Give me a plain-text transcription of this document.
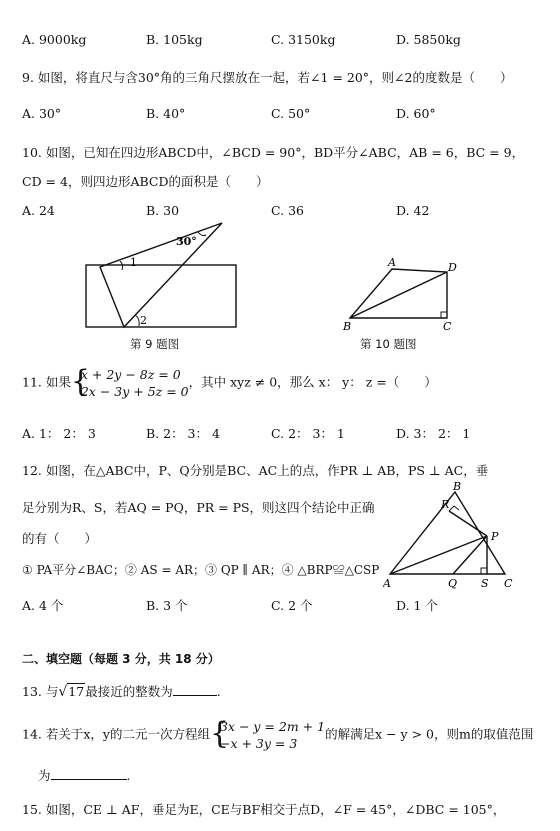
A. 9000kg	B. 105kg	C. 3150kg	D. 5850kg
9. 如图，将直尺与含30°角的三角尺摆放在一起，若∠1 = 20°，则∠2的度数是（　　）
A. 30°	B. 40°	C. 50°	D. 60°
10. 如图，已知在四边形ABCD中，∠BCD = 90°，BD平分∠ABC，AB = 6，BC = 9，
CD = 4，则四边形ABCD的面积是（　　）
A. 24	B. 30	C. 36	D. 42
30°
1
2
第 9 题图
A
B	C
D
第 10 题图
11. 如果 {
x + 2y − 8z = 0
2x − 3y + 5z = 0
，其中 xyz ≠ 0，那么 x： y： z =（　　）
A. 1： 2： 3	B. 2： 3： 4	C. 2： 3： 1	D. 3： 2： 1
12. 如图，在△ABC中，P、Q分别是BC、AC上的点，作PR ⊥ AB，PS ⊥ AC，垂
足分别为R、S，若AQ = PQ，PR = PS，则这四个结论中正确
的有（　　）
① PA平分∠BAC；② AS = AR；③ QP ∥ AR；④ △BRP≌△CSP
A. 4 个	B. 3 个	C. 2 个	D. 1 个
A
B
C
P
Q
R
S
二、填空题（每题 3 分，共 18 分）
13. 与√17最接近的整数为	.
14. 若关于x，y的二元一次方程组 {
3x − y = 2m + 1
−x + 3y = 3
的解满足x − y > 0，则m的取值范围
为	.
15. 如图，CE ⊥ AF，垂足为E，CE与BF相交于点D，∠F = 45°，∠DBC = 105°，
